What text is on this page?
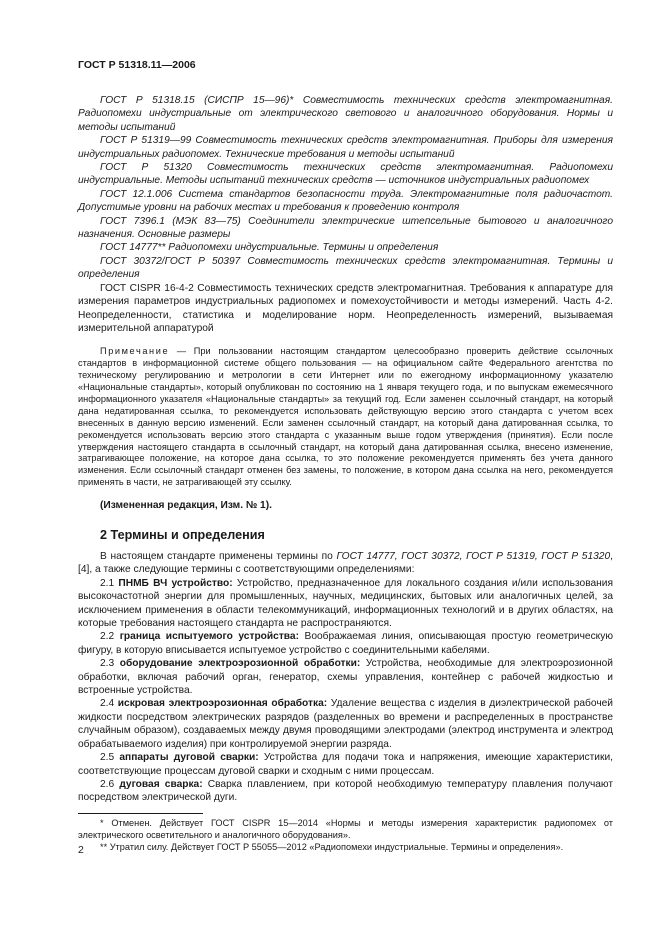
ГОСТ Р 51318.11—2006

ГОСТ Р 51318.15 (СИСПР 15—96)* Совместимость технических средств электромагнитная. Радиопомехи индустриальные от электрического светового и аналогичного оборудования. Нормы и методы испытаний

ГОСТ Р 51319—99 Совместимость технических средств электромагнитная. Приборы для измерения индустриальных радиопомех. Технические требования и методы испытаний

ГОСТ Р 51320 Совместимость технических средств электромагнитная. Радиопомехи индустриальные. Методы испытаний технических средств — источников индустриальных радиопомех

ГОСТ 12.1.006 Система стандартов безопасности труда. Электромагнитные поля радиочастот. Допустимые уровни на рабочих местах и требования к проведению контроля

ГОСТ 7396.1 (МЭК 83—75) Соединители электрические штепсельные бытового и аналогичного назначения. Основные размеры

ГОСТ 14777** Радиопомехи индустриальные. Термины и определения

ГОСТ 30372/ГОСТ Р 50397 Совместимость технических средств электромагнитная. Термины и определения

ГОСТ CISPR 16-4-2 Совместимость технических средств электромагнитная. Требования к аппаратуре для измерения параметров индустриальных радиопомех и помехоустойчивости и методы измерений. Часть 4-2. Неопределенности, статистика и моделирование норм. Неопределенность измерений, вызываемая измерительной аппаратурой

Примечание — При пользовании настоящим стандартом целесообразно проверить действие ссылочных стандартов в информационной системе общего пользования — на официальном сайте Федерального агентства по техническому регулированию и метрологии в сети Интернет или по ежегодному информационному указателю «Национальные стандарты», который опубликован по состоянию на 1 января текущего года, и по выпускам ежемесячного информационного указателя «Национальные стандарты» за текущий год. Если заменен ссылочный стандарт, на который дана недатированная ссылка, то рекомендуется использовать действующую версию этого стандарта с учетом всех внесенных в данную версию изменений. Если заменен ссылочный стандарт, на который дана датированная ссылка, то рекомендуется использовать версию этого стандарта с указанным выше годом утверждения (принятия). Если после утверждения настоящего стандарта в ссылочный стандарт, на который дана датированная ссылка, внесено изменение, затрагивающее положение, на которое дана ссылка, то это положение рекомендуется применять без учета данного изменения. Если ссылочный стандарт отменен без замены, то положение, в котором дана ссылка на него, рекомендуется применять в части, не затрагивающей эту ссылку.

(Измененная редакция, Изм. № 1).

2 Термины и определения

В настоящем стандарте применены термины по ГОСТ 14777, ГОСТ 30372, ГОСТ Р 51319, ГОСТ Р 51320, [4], а также следующие термины с соответствующими определениями:

2.1 ПНМБ ВЧ устройство: Устройство, предназначенное для локального создания и/или использования высокочастотной энергии для промышленных, научных, медицинских, бытовых или аналогичных целей, за исключением применения в области телекоммуникаций, информационных технологий и в других областях, на которые требования настоящего стандарта не распространяются.

2.2 граница испытуемого устройства: Воображаемая линия, описывающая простую геометрическую фигуру, в которую вписывается испытуемое устройство с соединительными кабелями.

2.3 оборудование электроэрозионной обработки: Устройства, необходимые для электроэрозионной обработки, включая рабочий орган, генератор, схемы управления, контейнер с рабочей жидкостью и встроенные устройства.

2.4 искровая электроэрозионная обработка: Удаление вещества с изделия в диэлектрической рабочей жидкости посредством электрических разрядов (разделенных во времени и распределенных в пространстве случайным образом), создаваемых между двумя проводящими электродами (электрод инструмента и электрод обрабатываемого изделия) при контролируемой энергии разряда.

2.5 аппараты дуговой сварки: Устройства для подачи тока и напряжения, имеющие характеристики, соответствующие процессам дуговой сварки и сходным с ними процессам.

2.6 дуговая сварка: Сварка плавлением, при которой необходимую температуру плавления получают посредством электрической дуги.

* Отменен. Действует ГОСТ CISPR 15—2014 «Нормы и методы измерения характеристик радиопомех от электрического осветительного и аналогичного оборудования».

** Утратил силу. Действует ГОСТ Р 55055—2012 «Радиопомехи индустриальные. Термины и определения».

2
